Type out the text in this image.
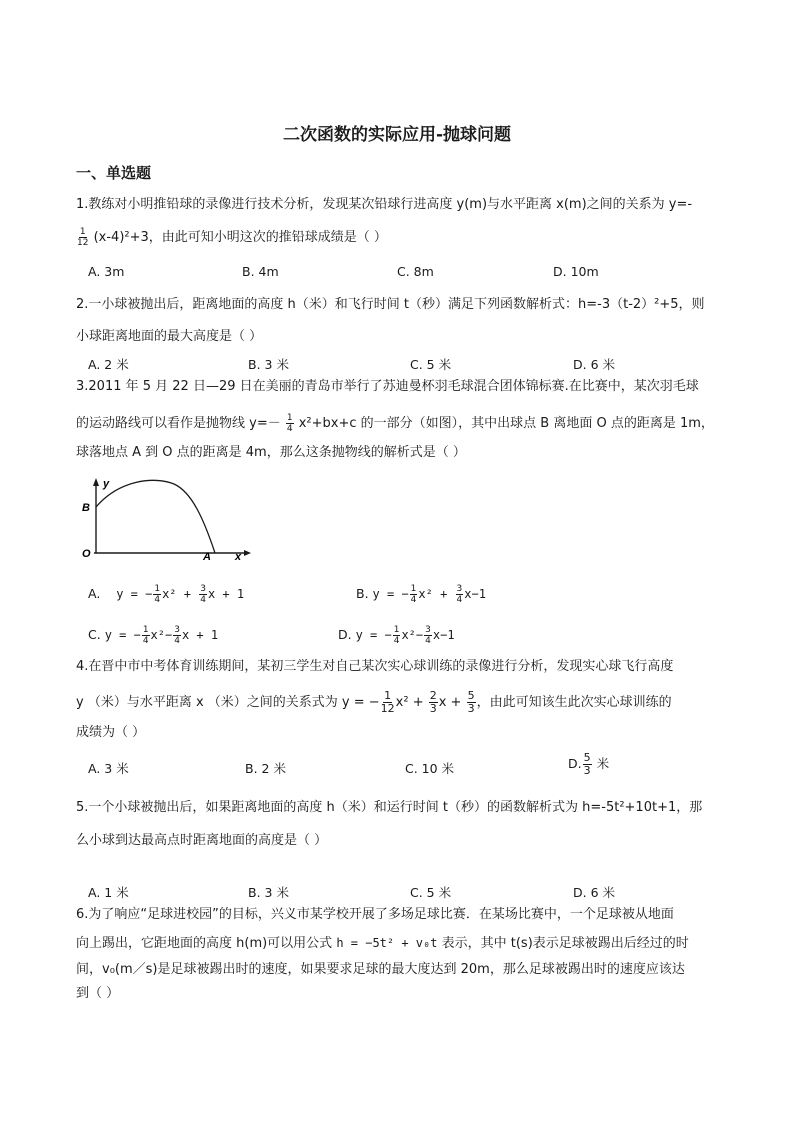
二次函数的实际应用-抛球问题
一、单选题
1.教练对小明推铅球的录像进行技术分析，发现某次铅球行进高度 y(m)与水平距离 x(m)之间的关系为 y=-
$\frac{1}{12} (x-4)^2+3$，由此可知小明这次的推铅球成绩是（ ）
A. 3m	B. 4m	C. 8m	D. 10m
2.一小球被抛出后，距离地面的高度 h（米）和飞行时间 t（秒）满足下列函数解析式：h=-3（t-2）²+5，则
小球距离地面的最大高度是（ ）
A. 2 米	B. 3 米	C. 5 米	D. 6 米
3.2011 年 5 月 22 日—29 日在美丽的青岛市举行了苏迪曼杯羽毛球混合团体锦标赛.在比赛中，某次羽毛球
的运动路线可以看作是抛物线 $y=- \frac{1}{4} x^2+bx+c$ 的一部分（如图），其中出球点 B 离地面 O 点的距离是 1m，
球落地点 A 到 O 点的距离是 4m，那么这条抛物线的解析式是（ ）
y
B
O	A x
A. y = − $\frac{1}{4} x^2 + \frac{3}{4}$ x + 1	B. y = − $\frac{1}{4} x^2 + \frac{3}{4} x-1$
C. y = − $\frac{1}{4} x^2- \frac{3}{4}$ x + 1	D. y = − $\frac{1}{4} x^2- \frac{3}{4} x-1$
4.在晋中市中考体育训练期间，某初三学生对自己某次实心球训练的录像进行分析，发现实心球飞行高度
y （米）与水平距离 x （米）之间的关系式为 y = − $\frac{1}{12} x^2 + \frac{2}{3}$ $x + \frac{5}{3}$ ，由此可知该生此次实心球训练的
成绩为（ ）
A. 3 米	B. 2 米	C. 10 米	D. $\frac{5}{3}$ 米
5.一个小球被抛出后，如果距离地面的高度 h（米）和运行时间 t（秒）的函数解析式为 h=-5t²+10t+1，那
么小球到达最高点时距离地面的高度是（ ）
A. 1 米	B. 3 米	C. 5 米	D. 6 米
6.为了响应“足球进校园”的目标，兴义市某学校开展了多场足球比赛．在某场比赛中，一个足球被从地面
向上踢出，它距地面的高度 h(m)可以用公式 h = −5t² + v₀t 表示，其中 t(s)表示足球被踢出后经过的时
间，v₀(m／s)是足球被踢出时的速度，如果要求足球的最大度达到 20m，那么足球被踢出时的速度应该达
到（ ）
